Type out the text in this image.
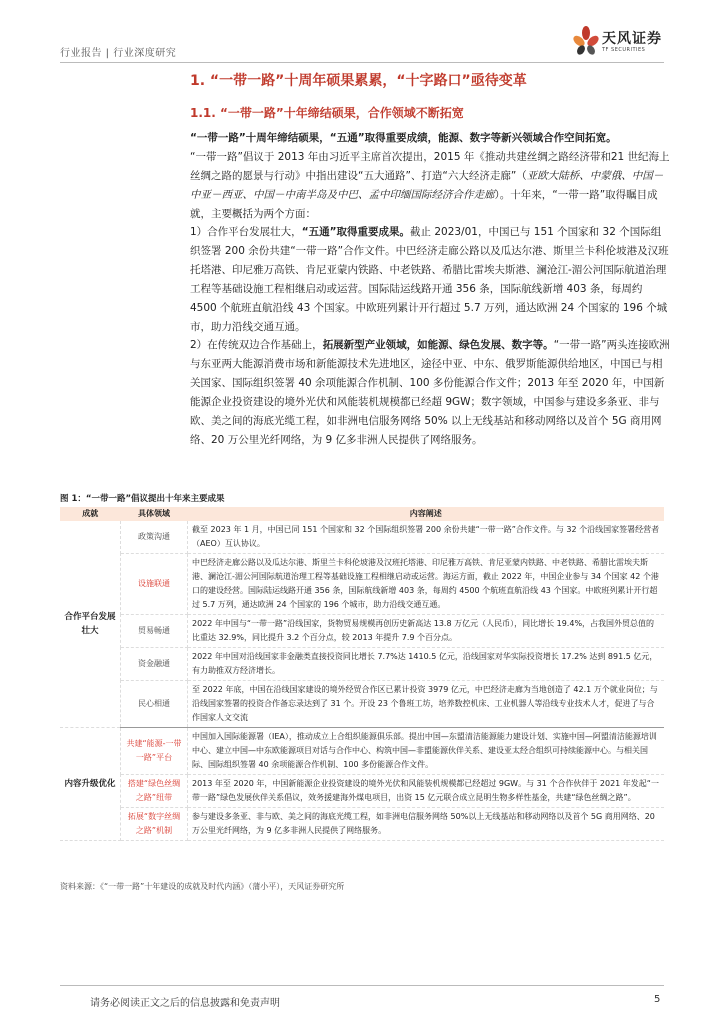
行业报告 | 行业深度研究
天风证券
TF SECURITIES
1. “一带一路”十周年硕果累累，“十字路口”亟待变革
1.1. “一带一路”十年缔结硕果，合作领域不断拓宽

“一带一路”十周年缔结硕果，“五通”取得重要成绩，能源、数字等新兴领域合作空间拓宽。
“一带一路”倡议于 2013 年由习近平主席首次提出，2015 年《推动共建丝绸之路经济带和21 世纪海上丝绸之路的愿景与行动》中指出建设“五大通路”、打造“六大经济走廊”（亚欧大陆桥、中蒙俄、中国－中亚－西亚、中国－中南半岛及中巴、孟中印缅国际经济合作走廊）。十年来，“一带一路”取得瞩目成就，主要概括为两个方面：

1）合作平台发展壮大，“五通”取得重要成果。截止 2023/01，中国已与 151 个国家和 32 个国际组织签署 200 余份共建“一带一路”合作文件。中巴经济走廊公路以及瓜达尔港、斯里兰卡科伦坡港及汉班托塔港、印尼雅万高铁、肯尼亚蒙内铁路、中老铁路、希腊比雷埃夫斯港、澜沧江-湄公河国际航道治理工程等基础设施工程相继启动或运营。国际陆运线路开通 356 条，国际航线新增 403 条，每周约 4500 个航班直航沿线 43 个国家。中欧班列累计开行超过 5.7 万列，通达欧洲 24 个国家的 196 个城市，助力沿线交通互通。

2）在传统双边合作基础上，拓展新型产业领域，如能源、绿色发展、数字等。“一带一路”两头连接欧洲与东亚两大能源消费市场和新能源技术先进地区，途径中亚、中东、俄罗斯能源供给地区，中国已与相关国家、国际组织签署 40 余项能源合作机制、100 多份能源合作文件；2013 年至 2020 年，中国新能源企业投资建设的境外光伏和风能装机规模都已经超 9GW；数字领域，中国参与建设多条亚、非与欧、美之间的海底光缆工程，如非洲电信服务网络 50% 以上无线基站和移动网络以及首个 5G 商用网络、20 万公里光纤网络，为 9 亿多非洲人民提供了网络服务。

图 1：“一带一路”倡议提出十年来主要成果
成就	具体领域	内容阐述
合作平台发展壮大	政策沟通	截至 2023 年 1 月，中国已同 151 个国家和 32 个国际组织签署 200 余份共建“一带一路”合作文件。与 32 个沿线国家签署经营者（AEO）互认协议。
	设施联通	中巴经济走廊公路以及瓜达尔港、斯里兰卡科伦坡港及汉班托塔港、印尼雅万高铁、肯尼亚蒙内铁路、中老铁路、希腊比雷埃夫斯港、澜沧江-湄公河国际航道治理工程等基础设施工程相继启动或运营。海运方面，截止 2022 年，中国企业参与 34 个国家 42 个港口的建设经营。国际陆运线路开通 356 条，国际航线新增 403 条，每周约 4500 个航班直航沿线 43 个国家。中欧班列累计开行超过 5.7 万列，通达欧洲 24 个国家的 196 个城市，助力沿线交通互通。
	贸易畅通	2022 年中国与“一带一路”沿线国家，货物贸易规模再创历史新高达 13.8 万亿元（人民币），同比增长 19.4%，占我国外贸总值的比重达 32.9%，同比提升 3.2 个百分点，较 2013 年提升 7.9 个百分点。
	资金融通	2022 年中国对沿线国家非金融类直接投资同比增长 7.7%达 1410.5 亿元，沿线国家对华实际投资增长 17.2% 达到 891.5 亿元，有力助推双方经济增长。
	民心相通	至 2022 年底，中国在沿线国家建设的境外经贸合作区已累计投资 3979 亿元，中巴经济走廊为当地创造了 42.1 万个就业岗位；与沿线国家签署的投资合作备忘录达到了 31 个。开设 23 个鲁班工坊，培养数控机床、工业机器人等沿线专业技术人才，促进了与合作国家人文交流
内容升级优化	共建“能源-一带一路”平台	中国加入国际能源署（IEA），推动成立上合组织能源俱乐部。提出中国—东盟清洁能源能力建设计划、实施中国—阿盟清洁能源培训中心、建立中国—中东欧能源项目对话与合作中心、构筑中国—非盟能源伙伴关系、建设亚太经合组织可持续能源中心。与相关国际、国际组织签署 40 余项能源合作机制、100 多份能源合作文件。
	搭建“绿色丝绸之路”纽带	2013 年至 2020 年，中国新能源企业投资建设的境外光伏和风能装机规模都已经超过 9GW。与 31 个合作伙伴于 2021 年发起“一带一路”绿色发展伙伴关系倡议，效务援建海外煤电项目，出资 15 亿元联合成立昆明生物多样性基金，共建“绿色丝绸之路”。
	拓展“数字丝绸之路”机制	参与建设多条亚、非与欧、美之间的海底光缆工程，如非洲电信服务网络 50%以上无线基站和移动网络以及首个 5G 商用网络、20 万公里光纤网络，为 9 亿多非洲人民提供了网络服务。
资料来源：《“一带一路”十年建设的成就及时代内涵》（蒲小平），天风证券研究所
请务必阅读正文之后的信息披露和免责声明	5
